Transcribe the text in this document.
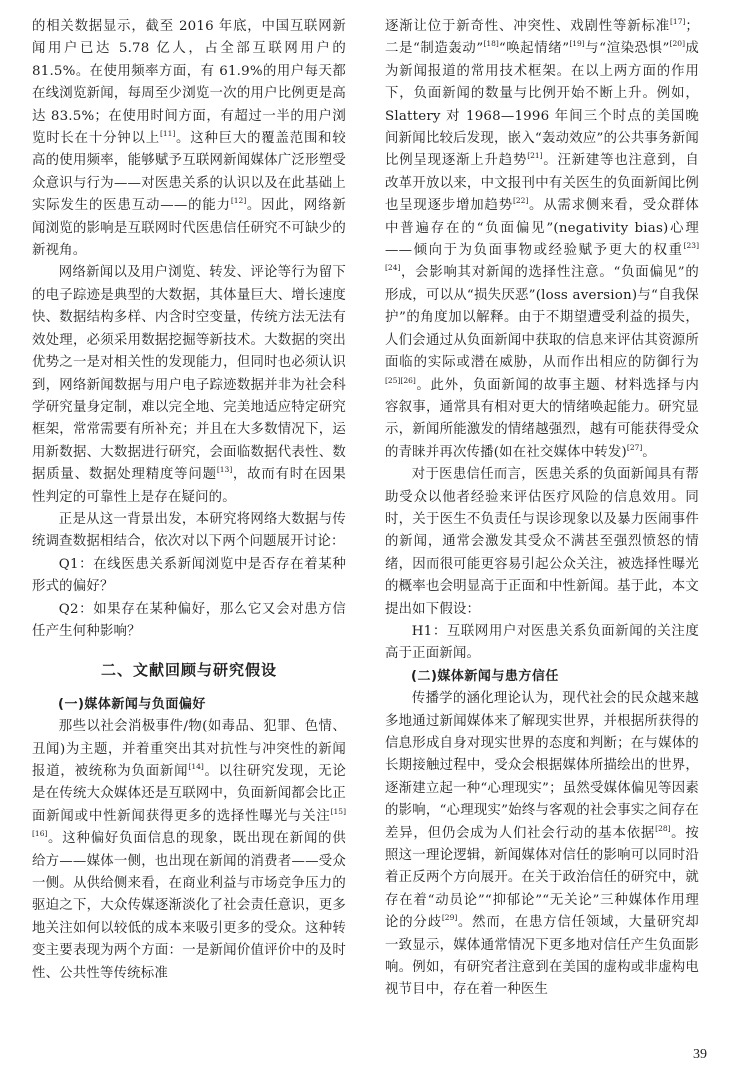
的相关数据显示，截至 2016 年底，中国互联网新闻用户已达 5.78 亿人，占全部互联网用户的 81.5%。在使用频率方面，有 61.9%的用户每天都在线浏览新闻，每周至少浏览一次的用户比例更是高达 83.5%；在使用时间方面，有超过一半的用户浏览时长在十分钟以上[11]。这种巨大的覆盖范围和较高的使用频率，能够赋予互联网新闻媒体广泛形塑受众意识与行为——对医患关系的认识以及在此基础上实际发生的医患互动——的能力[12]。因此，网络新闻浏览的影响是互联网时代医患信任研究不可缺少的新视角。

网络新闻以及用户浏览、转发、评论等行为留下的电子踪迹是典型的大数据，其体量巨大、增长速度快、数据结构多样、内含时空变量，传统方法无法有效处理，必须采用数据挖掘等新技术。大数据的突出优势之一是对相关性的发现能力，但同时也必须认识到，网络新闻数据与用户电子踪迹数据并非为社会科学研究量身定制，难以完全地、完美地适应特定研究框架，常常需要有所补充；并且在大多数情况下，运用新数据、大数据进行研究，会面临数据代表性、数据质量、数据处理精度等问题[13]，故而有时在因果性判定的可靠性上是存在疑问的。

正是从这一背景出发，本研究将网络大数据与传统调查数据相结合，依次对以下两个问题展开讨论：

Q1：在线医患关系新闻浏览中是否存在着某种形式的偏好？

Q2：如果存在某种偏好，那么它又会对患方信任产生何种影响？

二、文献回顾与研究假设
(一)媒体新闻与负面偏好

那些以社会消极事件/物(如毒品、犯罪、色情、丑闻)为主题，并着重突出其对抗性与冲突性的新闻报道，被统称为负面新闻[14]。以往研究发现，无论是在传统大众媒体还是互联网中，负面新闻都会比正面新闻或中性新闻获得更多的选择性曝光与关注[15][16]。这种偏好负面信息的现象，既出现在新闻的供给方——媒体一侧，也出现在新闻的消费者——受众一侧。从供给侧来看，在商业利益与市场竞争压力的驱迫之下，大众传媒逐渐淡化了社会责任意识，更多地关注如何以较低的成本来吸引更多的受众。这种转变主要表现为两个方面：一是新闻价值评价中的及时性、公共性等传统标准

逐渐让位于新奇性、冲突性、戏剧性等新标准[17]；二是“制造轰动”[18]“唤起情绪”[19]与“渲染恐惧”[20]成为新闻报道的常用技术框架。在以上两方面的作用下，负面新闻的数量与比例开始不断上升。例如，Slattery 对 1968—1996 年间三个时点的美国晚间新闻比较后发现，嵌入“轰动效应”的公共事务新闻比例呈现逐渐上升趋势[21]。汪新建等也注意到，自改革开放以来，中文报刊中有关医生的负面新闻比例也呈现逐步增加趋势[22]。从需求侧来看，受众群体中普遍存在的“负面偏见”(negativity bias)心理——倾向于为负面事物或经验赋予更大的权重[23][24]，会影响其对新闻的选择性注意。“负面偏见”的形成，可以从“损失厌恶”(loss aversion)与“自我保护”的角度加以解释。由于不期望遭受利益的损失，人们会通过从负面新闻中获取的信息来评估其资源所面临的实际或潜在威胁，从而作出相应的防御行为[25][26]。此外，负面新闻的故事主题、材料选择与内容叙事，通常具有相对更大的情绪唤起能力。研究显示，新闻所能激发的情绪越强烈，越有可能获得受众的青睐并再次传播(如在社交媒体中转发)[27]。

对于医患信任而言，医患关系的负面新闻具有帮助受众以他者经验来评估医疗风险的信息效用。同时，关于医生不负责任与误诊现象以及暴力医闹事件的新闻，通常会激发其受众不满甚至强烈愤怒的情绪，因而很可能更容易引起公众关注，被选择性曝光的概率也会明显高于正面和中性新闻。基于此，本文提出如下假设：

H1：互联网用户对医患关系负面新闻的关注度高于正面新闻。

(二)媒体新闻与患方信任

传播学的涵化理论认为，现代社会的民众越来越多地通过新闻媒体来了解现实世界，并根据所获得的信息形成自身对现实世界的态度和判断；在与媒体的长期接触过程中，受众会根据媒体所描绘出的世界，逐渐建立起一种“心理现实”；虽然受媒体偏见等因素的影响，“心理现实”始终与客观的社会事实之间存在差异，但仍会成为人们社会行动的基本依据[28]。按照这一理论逻辑，新闻媒体对信任的影响可以同时沿着正反两个方向展开。在关于政治信任的研究中，就存在着“动员论”“抑郁论”“无关论”三种媒体作用理论的分歧[29]。然而，在患方信任领域，大量研究却一致显示，媒体通常情况下更多地对信任产生负面影响。例如，有研究者注意到在美国的虚构或非虚构电视节目中，存在着一种医生

39
